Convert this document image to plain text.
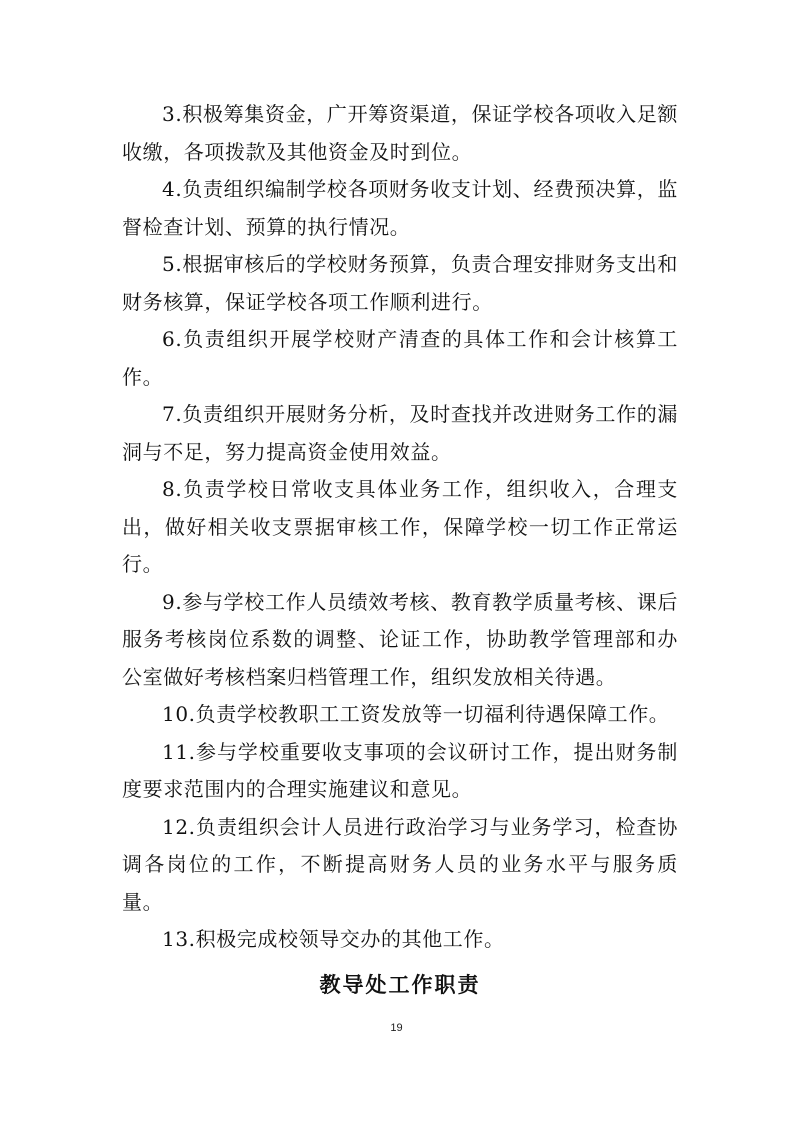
3.积极筹集资金，广开筹资渠道，保证学校各项收入足额收缴，各项拨款及其他资金及时到位。

4.负责组织编制学校各项财务收支计划、经费预决算，监督检查计划、预算的执行情况。

5.根据审核后的学校财务预算，负责合理安排财务支出和财务核算，保证学校各项工作顺利进行。

6.负责组织开展学校财产清查的具体工作和会计核算工作。

7.负责组织开展财务分析，及时查找并改进财务工作的漏洞与不足，努力提高资金使用效益。

8.负责学校日常收支具体业务工作，组织收入，合理支出，做好相关收支票据审核工作，保障学校一切工作正常运行。

9.参与学校工作人员绩效考核、教育教学质量考核、课后服务考核岗位系数的调整、论证工作，协助教学管理部和办公室做好考核档案归档管理工作，组织发放相关待遇。

10.负责学校教职工工资发放等一切福利待遇保障工作。

11.参与学校重要收支事项的会议研讨工作，提出财务制度要求范围内的合理实施建议和意见。

12.负责组织会计人员进行政治学习与业务学习，检查协调各岗位的工作，不断提高财务人员的业务水平与服务质量。

13.积极完成校领导交办的其他工作。

教导处工作职责
19
